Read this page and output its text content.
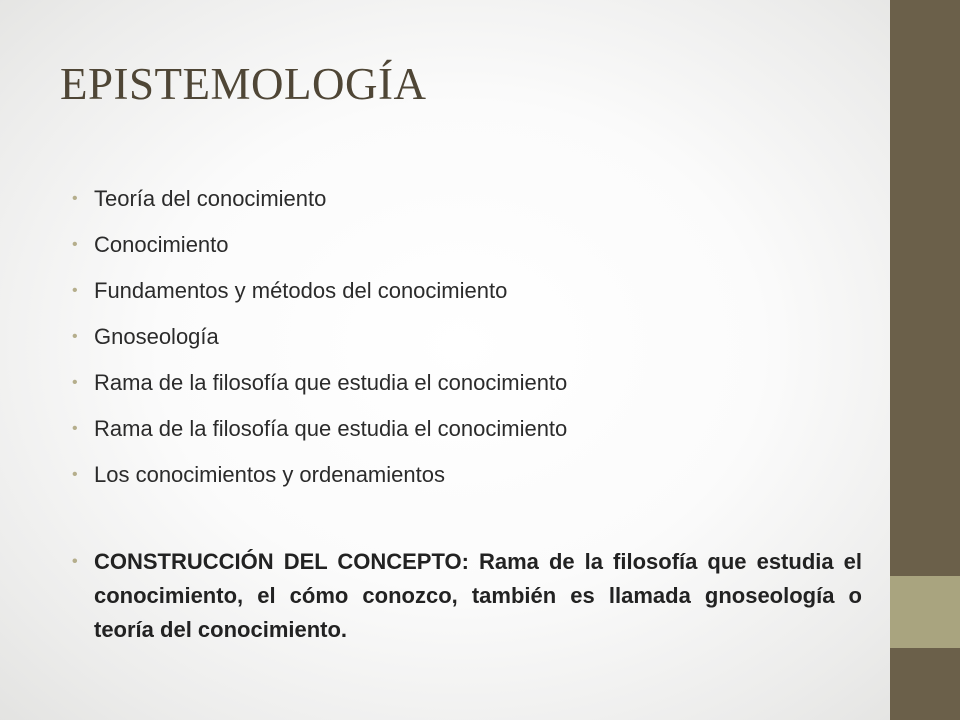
EPISTEMOLOGÍA
• Teoría del conocimiento
• Conocimiento
• Fundamentos y métodos del conocimiento
• Gnoseología
• Rama de la filosofía que estudia el conocimiento
• Rama de la filosofía que estudia el conocimiento
• Los conocimientos y ordenamientos
• CONSTRUCCIÓN DEL CONCEPTO: Rama de la filosofía que estudia el conocimiento, el cómo conozco, también es llamada gnoseología o teoría del conocimiento.
